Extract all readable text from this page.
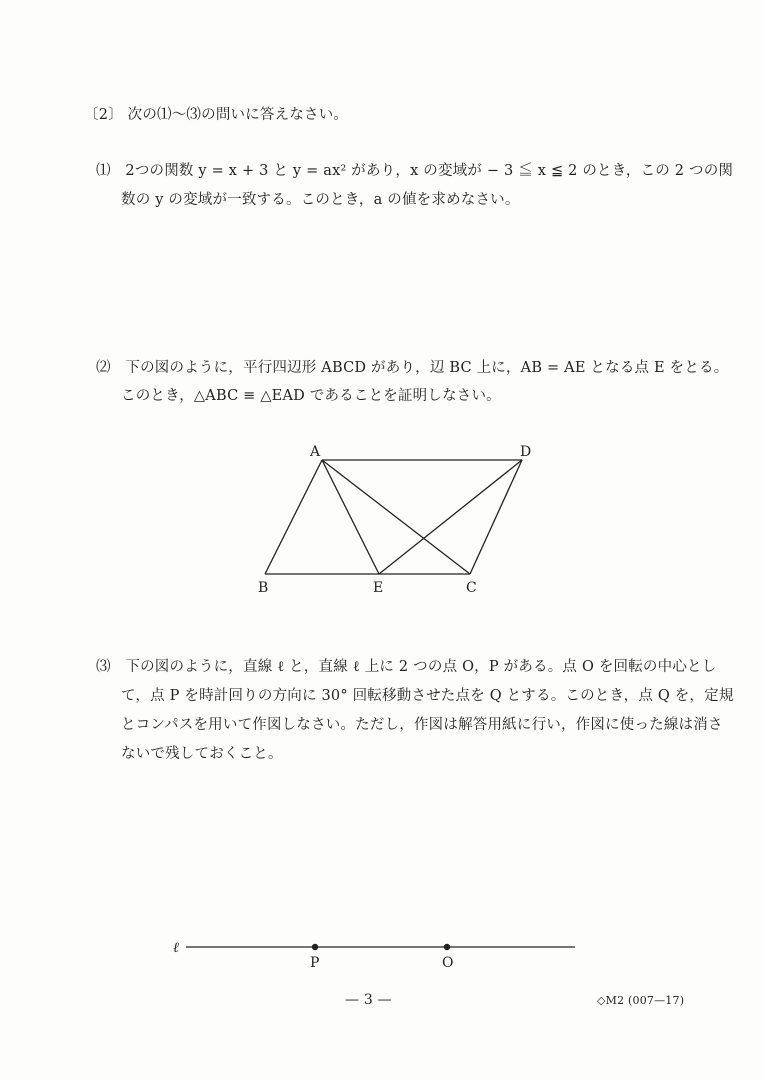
〔2〕 次の⑴〜⑶の問いに答えなさい。
⑴　2つの関数 y = x + 3 と y = ax² があり，x の変域が − 3 ≦ x ≦ 2 のとき，この 2 つの関
数の y の変域が一致する。このとき，a の値を求めなさい。
⑵　下の図のように，平行四辺形 ABCD があり，辺 BC 上に，AB = AE となる点 E をとる。
このとき，△ABC ≡ △EAD であることを証明しなさい。
⑶　下の図のように，直線 ℓ と，直線 ℓ 上に 2 つの点 O，P がある。点 O を回転の中心とし
て，点 P を時計回りの方向に 30° 回転移動させた点を Q とする。このとき，点 Q を，定規
とコンパスを用いて作図しなさい。ただし，作図は解答用紙に行い，作図に使った線は消さ
ないで残しておくこと。
A	D
B	E	C
ℓ
P	O
— 3 —	◇M2 (007—17)
